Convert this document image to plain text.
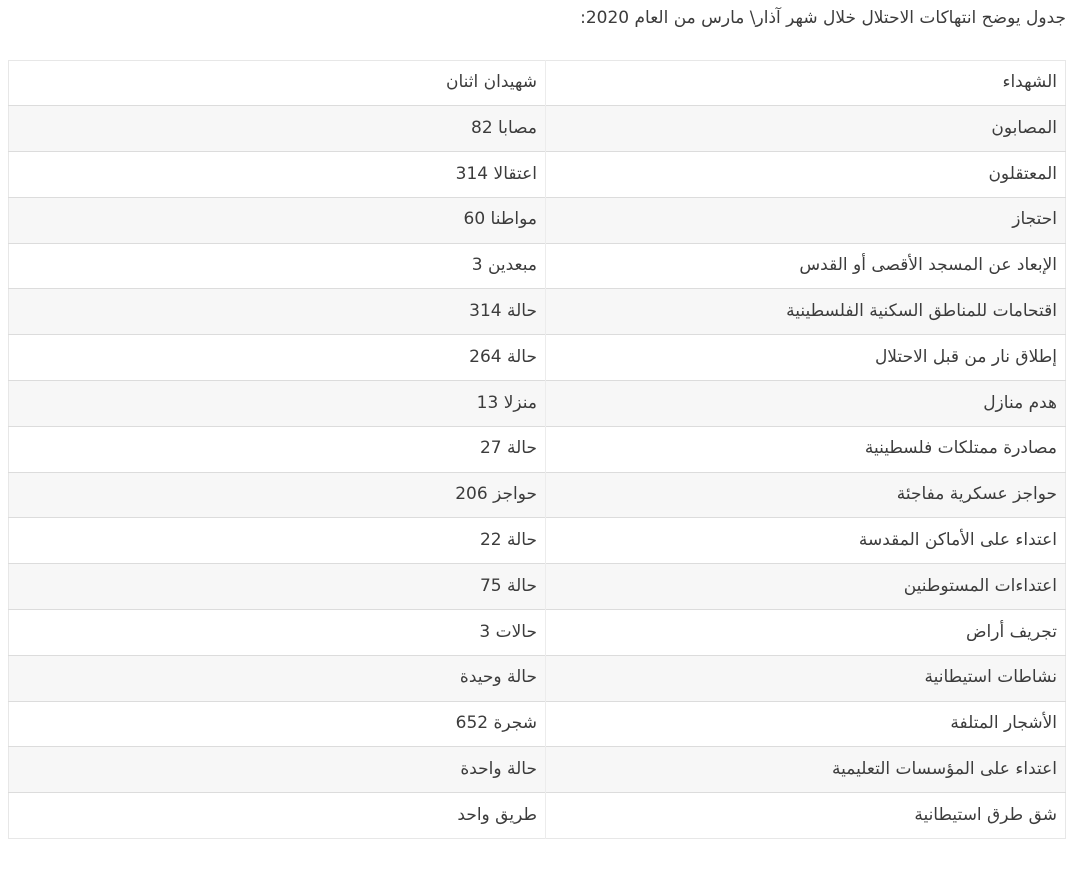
جدول يوضح انتهاكات الاحتلال خلال شهر آذار\ مارس من العام 2020:
الشهداء	شهيدان اثنان
المصابون	82 مصابا
المعتقلون	314 اعتقالا
احتجاز	60 مواطنا
الإبعاد عن المسجد الأقصى أو القدس	3 مبعدين
اقتحامات للمناطق السكنية الفلسطينية	314 حالة
إطلاق نار من قبل الاحتلال	264 حالة
هدم منازل	13 منزلا
مصادرة ممتلكات فلسطينية	27 حالة
حواجز عسكرية مفاجئة	206 حواجز
اعتداء على الأماكن المقدسة	22 حالة
اعتداءات المستوطنين	75 حالة
تجريف أراض	3 حالات
نشاطات استيطانية	حالة وحيدة
الأشجار المتلفة	652 شجرة
اعتداء على المؤسسات التعليمية	حالة واحدة
شق طرق استيطانية	طريق واحد
